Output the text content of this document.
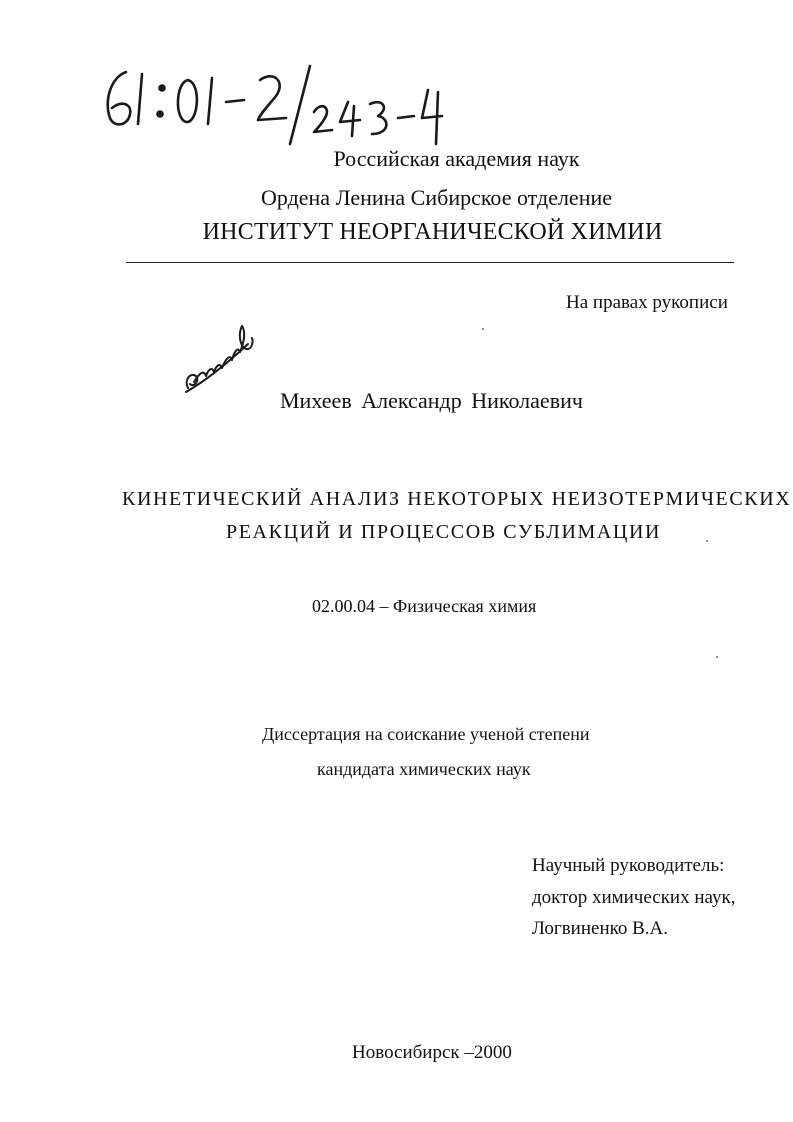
Российская академия наук

Ордена Ленина Сибирское отделение

ИНСТИТУТ НЕОРГАНИЧЕСКОЙ ХИМИИ

На правах рукописи

Михеев Александр Николаевич

КИНЕТИЧЕСКИЙ АНАЛИЗ НЕКОТОРЫХ НЕИЗОТЕРМИЧЕСКИХ

РЕАКЦИЙ И ПРОЦЕССОВ СУБЛИМАЦИИ

02.00.04 – Физическая химия

Диссертация на соискание ученой степени

кандидата химических наук

Научный руководитель:

доктор химических наук,

Логвиненко В.А.

Новосибирск –2000
